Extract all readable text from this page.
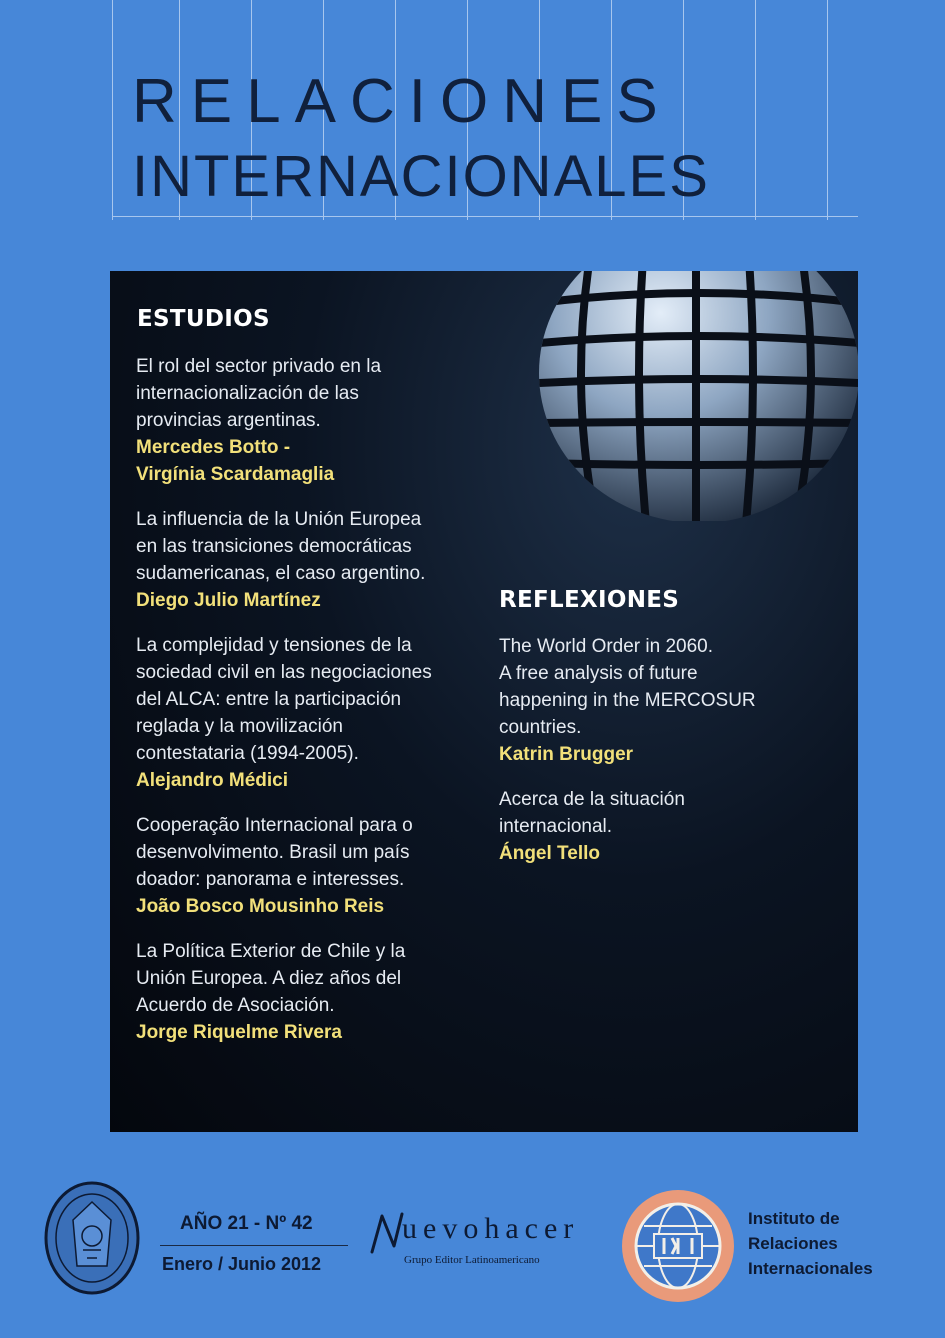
RELACIONES
INTERNACIONALES
ESTUDIOS
El rol del sector privado en la
internacionalización de las
provincias argentinas.
Mercedes Botto -
Virgínia Scardamaglia
La influencia de la Unión Europea
en las transiciones democráticas
sudamericanas, el caso argentino.
Diego Julio Martínez
La complejidad y tensiones de la
sociedad civil en las negociaciones
del ALCA: entre la participación
reglada y la movilización
contestataria (1994-2005).
Alejandro Médici
Cooperação Internacional para o
desenvolvimento. Brasil um país
doador: panorama e interesses.
João Bosco Mousinho Reis
La Política Exterior de Chile y la
Unión Europea. A diez años del
Acuerdo de Asociación.
Jorge Riquelme Rivera
REFLEXIONES
The World Order in 2060.
A free analysis of future
happening in the MERCOSUR
countries.
Katrin Brugger
Acerca de la situación
internacional.
Ángel Tello
AÑO 21 - Nº 42
Enero / Junio 2012
uevohacer
Grupo Editor Latinoamericano
Instituto de
Relaciones
Internacionales
